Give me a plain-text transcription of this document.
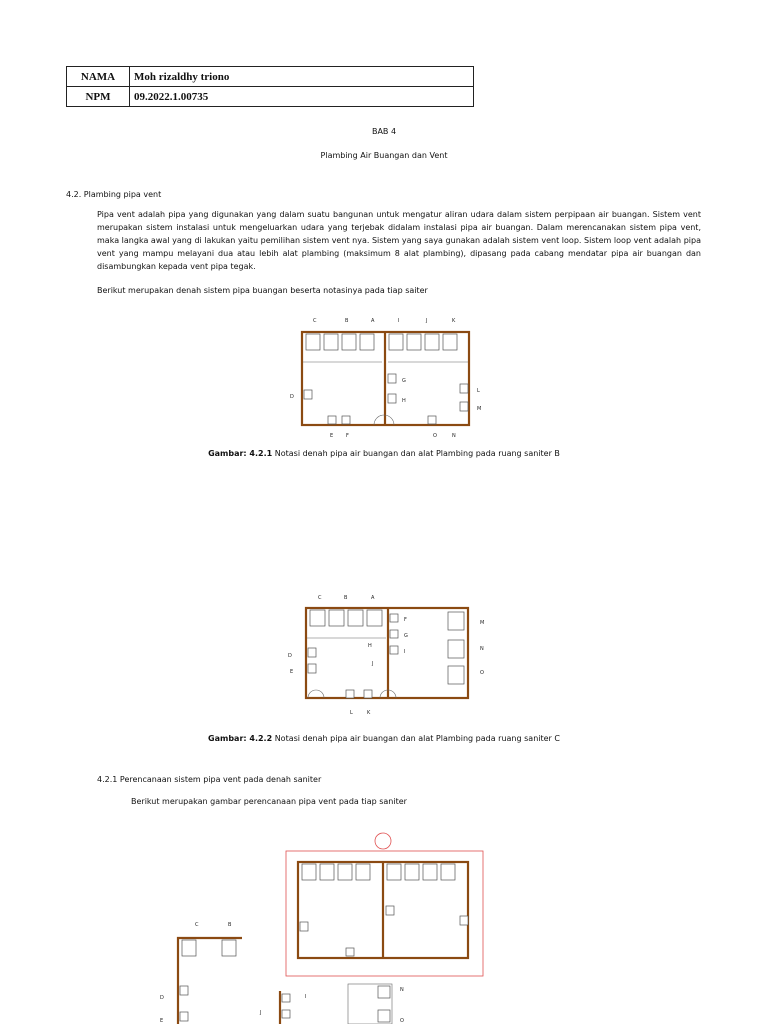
NAMA	Moh rizaldhy triono
NPM	09.2022.1.00735
BAB 4
Plambing Air Buangan dan Vent
4.2. Plambing pipa vent
Pipa vent adalah pipa yang digunakan yang dalam suatu bangunan untuk mengatur aliran udara dalam sistem perpipaan air buangan. Sistem vent merupakan sistem instalasi untuk mengeluarkan udara yang terjebak didalam instalasi pipa air buangan. Dalam merencanakan sistem pipa vent, maka langka awal yang di lakukan yaitu pemilihan sistem vent nya. Sistem yang saya gunakan adalah sistem vent loop. Sistem loop vent adalah pipa vent yang mampu melayani dua atau lebih alat plambing (maksimum 8 alat plambing), dipasang pada cabang mendatar pipa air buangan dan disambungkan kepada vent pipa tegak.
Berikut merupakan denah sistem pipa buangan beserta notasinya pada tiap saiter
C	B	A	I	J	K
D
G
H
L
M
E	F	O	N
Gambar: 4.2.1 Notasi denah pipa air buangan dan alat Plambing pada ruang saniter B
C	B	A
D
E
F
G
H
I
J
M
N
O
L	K
Gambar: 4.2.2 Notasi denah pipa air buangan dan alat Plambing pada ruang saniter C
4.2.1 Perencanaan sistem pipa vent pada denah saniter
Berikut merupakan gambar perencanaan pipa vent pada tiap saniter
C	B
D
E
J
I
N
O
